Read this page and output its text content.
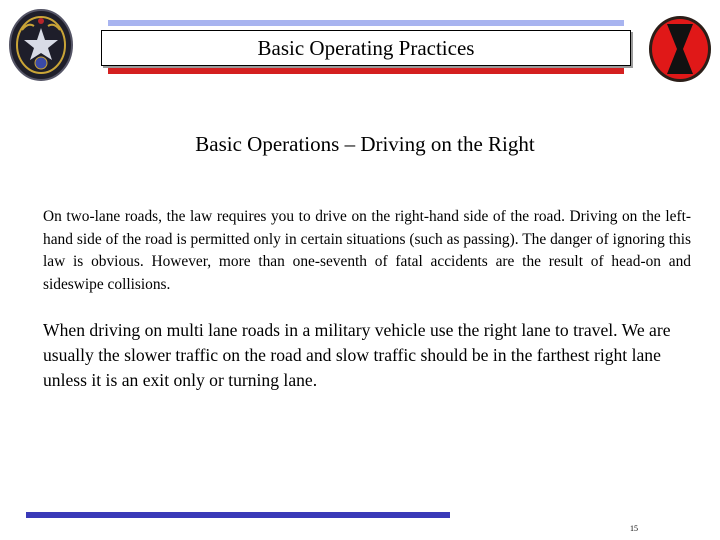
Basic Operating Practices
Basic Operations – Driving on the Right

On two-lane roads, the law requires you to drive on the right-hand side of the road. Driving on the left-hand side of the road is permitted only in certain situations (such as passing). The danger of ignoring this law is obvious. However, more than one-seventh of fatal accidents are the result of head-on and sideswipe collisions.

When driving on multi lane roads in a military vehicle use the right lane to travel. We are usually the slower traffic on the road and slow traffic should be in the farthest right lane unless it is an exit only or turning lane.

15
